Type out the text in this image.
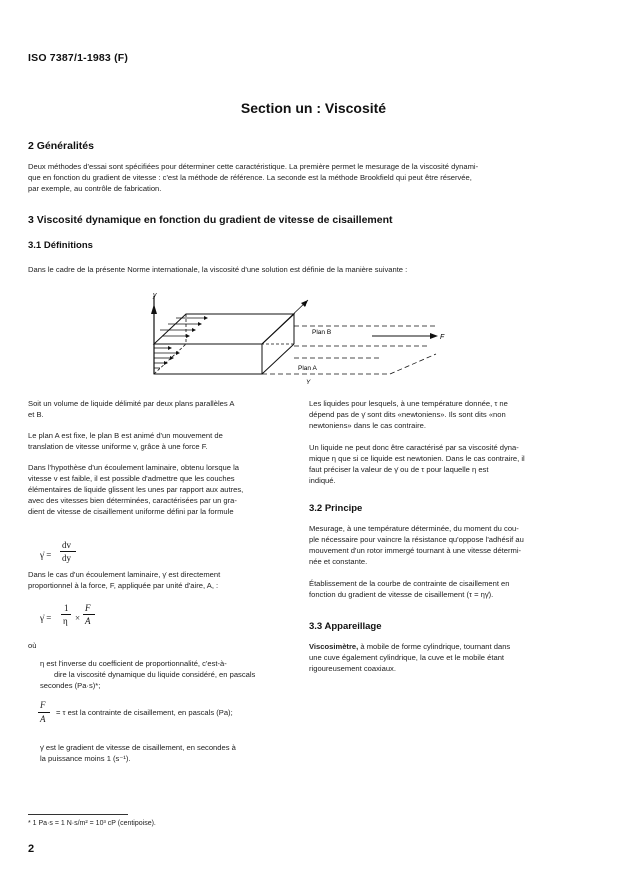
ISO 7387/1-1983 (F)
Section un : Viscosité
2 Généralités
Deux méthodes d'essai sont spécifiées pour déterminer cette caractéristique. La première permet le mesurage de la viscosité dynami-
que en fonction du gradient de vitesse : c'est la méthode de référence. La seconde est la méthode Brookfield qui peut être réservée,
par exemple, au contrôle de fabrication.
3 Viscosité dynamique en fonction du gradient de vitesse de cisaillement
3.1 Définitions
Dans le cadre de la présente Norme internationale, la viscosité d'une solution est définie de la manière suivante :
y
τ
F
Plan B
Plan A
Y
Soit un volume de liquide délimité par deux plans parallèles A
et B.
Le plan A est fixe, le plan B est animé d'un mouvement de
translation de vitesse uniforme v, grâce à une force F.
Dans l'hypothèse d'un écoulement laminaire, obtenu lorsque la
vitesse v est faible, il est possible d'admettre que les couches
élémentaires de liquide glissent les unes par rapport aux autres,
avec des vitesses bien déterminées, caractérisées par un gra-
dient de vitesse de cisaillement uniforme défini par la formule
γ̇ =
dv
dy
Dans le cas d'un écoulement laminaire, γ̇ est directement
proportionnel à la force, F, appliquée par unité d'aire, A, :
γ̇ =
1
η ×
F
A
où
η est l'inverse du coefficient de proportionnalité, c'est-à-
dire la viscosité dynamique du liquide considéré, en pascals
secondes (Pa·s)*;
F
A
= τ est la contrainte de cisaillement, en pascals (Pa);
γ̇ est le gradient de vitesse de cisaillement, en secondes à
la puissance moins 1 (s⁻¹).
Les liquides pour lesquels, à une température donnée, τ ne
dépend pas de γ̇ sont dits «newtoniens». Ils sont dits «non
newtoniens» dans le cas contraire.
Un liquide ne peut donc être caractérisé par sa viscosité dyna-
mique η que si ce liquide est newtonien. Dans le cas contraire, il
faut préciser la valeur de γ̇ ou de τ pour laquelle η est
indiqué.
3.2 Principe
Mesurage, à une température déterminée, du moment du cou-
ple nécessaire pour vaincre la résistance qu'oppose l'adhésif au
mouvement d'un rotor immergé tournant à une vitesse détermi-
née et constante.
Établissement de la courbe de contrainte de cisaillement en
fonction du gradient de vitesse de cisaillement (τ = ηγ̇).
3.3 Appareillage
Viscosimètre, à mobile de forme cylindrique, tournant dans
une cuve également cylindrique, la cuve et le mobile étant
rigoureusement coaxiaux.
* 1 Pa·s = 1 N·s/m² = 10³ cP (centipoise).
2
